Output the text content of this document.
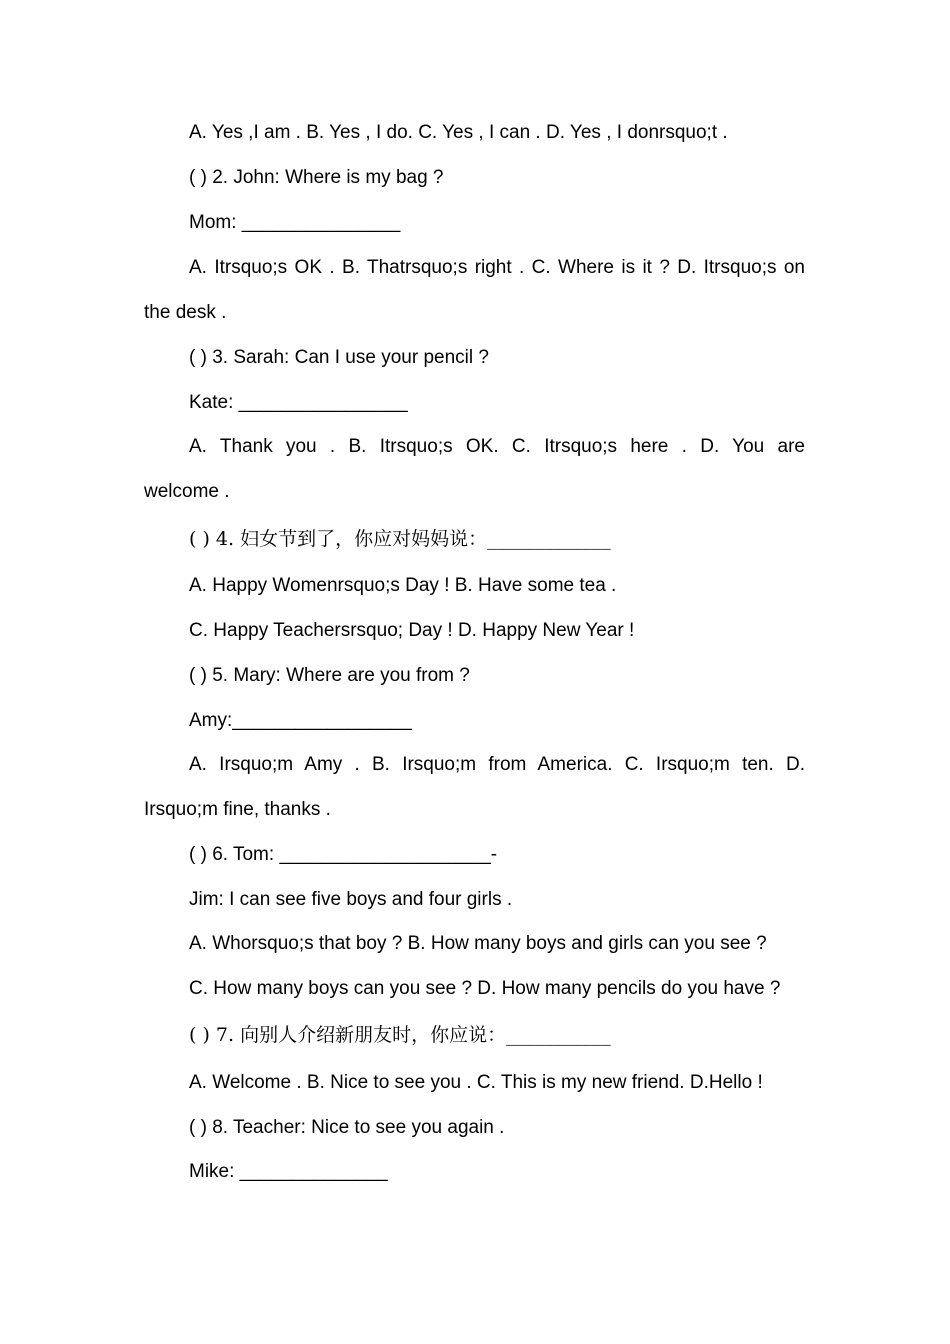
A. Yes ,I am . B. Yes , I do. C. Yes , I can . D. Yes , I donrsquo;t .
( ) 2. John: Where is my bag ?
Mom: _______________
A. Itrsquo;s OK . B. Thatrsquo;s right . C. Where is it ? D. Itrsquo;s on
the desk .
( ) 3. Sarah: Can I use your pencil ?
Kate: ________________
A. Thank you . B. Itrsquo;s OK. C. Itrsquo;s here . D. You are
welcome .
( ) 4. 妇女节到了，你应对妈妈说：_____________
A. Happy Womenrsquo;s Day ! B. Have some tea .
C. Happy Teachersrsquo; Day ! D. Happy New Year !
( ) 5. Mary: Where are you from ?
Amy:_________________
A. Irsquo;m Amy . B. Irsquo;m from America. C. Irsquo;m ten. D.
Irsquo;m fine, thanks .
( ) 6. Tom: ____________________-
Jim: I can see five boys and four girls .
A. Whorsquo;s that boy ? B. How many boys and girls can you see ?
C. How many boys can you see ? D. How many pencils do you have ?
( ) 7. 向别人介绍新朋友时，你应说：___________
A. Welcome . B. Nice to see you . C. This is my new friend. D.Hello !
( ) 8. Teacher: Nice to see you again .
Mike: ______________
